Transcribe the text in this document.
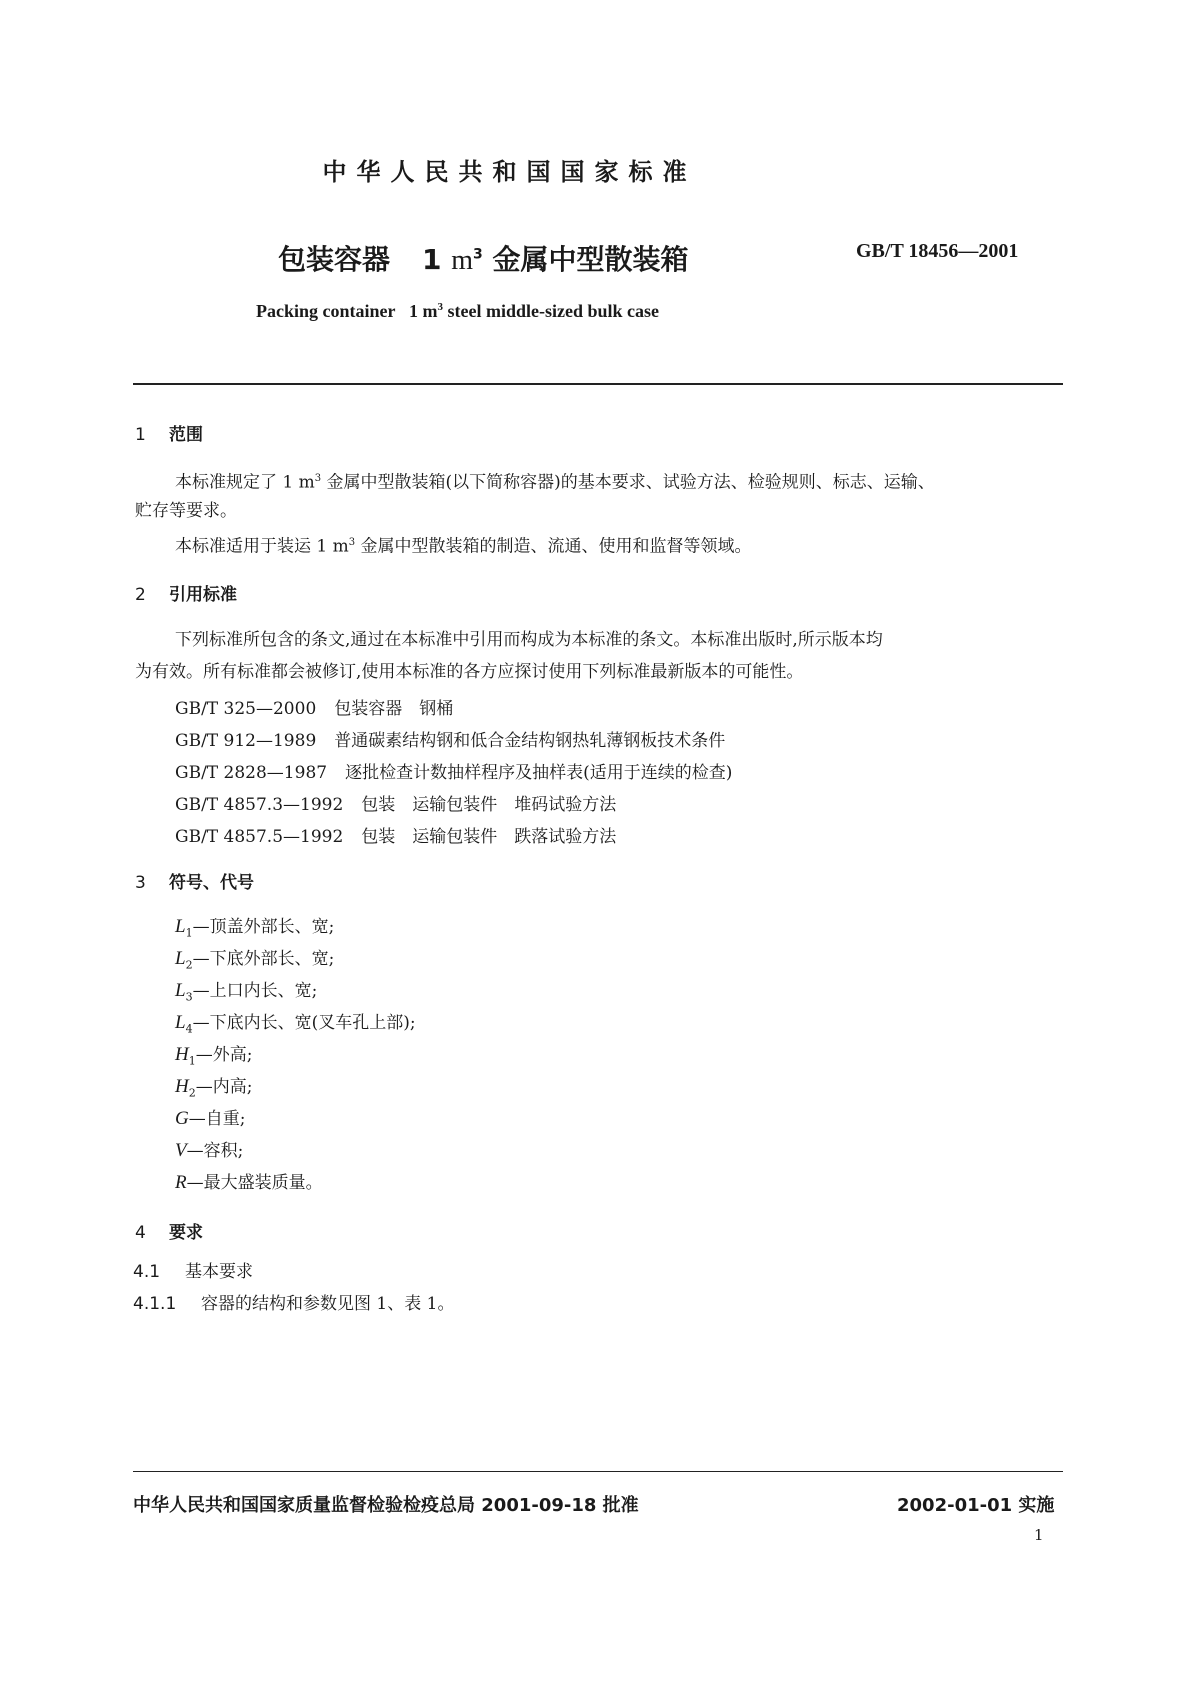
中华人民共和国国家标准
包装容器 1 $m^3$ 金属中型散装箱	GB/T 18456—2001
Packing container 1 $m^3$ steel middle-sized bulk case
1 范围
本标准规定了 1 $m^3$ 金属中型散装箱(以下简称容器)的基本要求、试验方法、检验规则、标志、运输、
贮存等要求。
本标准适用于装运 1 $m^3$ 金属中型散装箱的制造、流通、使用和监督等领域。
2 引用标准
下列标准所包含的条文,通过在本标准中引用而构成为本标准的条文。本标准出版时,所示版本均
为有效。所有标准都会被修订,使用本标准的各方应探讨使用下列标准最新版本的可能性。
GB/T 325—2000 包装容器　钢桶
GB/T 912—1989 普通碳素结构钢和低合金结构钢热轧薄钢板技术条件
GB/T 2828—1987 逐批检查计数抽样程序及抽样表(适用于连续的检查)
GB/T 4857.3—1992 包装　运输包装件　堆码试验方法
GB/T 4857.5—1992 包装　运输包装件　跌落试验方法
3 符号、代号
$L_1—$顶盖外部长、宽;
$L_2—$下底外部长、宽;
$L_3—$上口内长、宽;
$L_4—$下底内长、宽(叉车孔上部);
$H_1—$外高;
$H_2—$内高;
G—自重;
V—容积;
R—最大盛装质量。
4 要求
4.1 基本要求
4.1.1 容器的结构和参数见图 1、表 1。
中华人民共和国国家质量监督检验检疫总局 2001-09-18 批准	2002-01-01 实施
1
